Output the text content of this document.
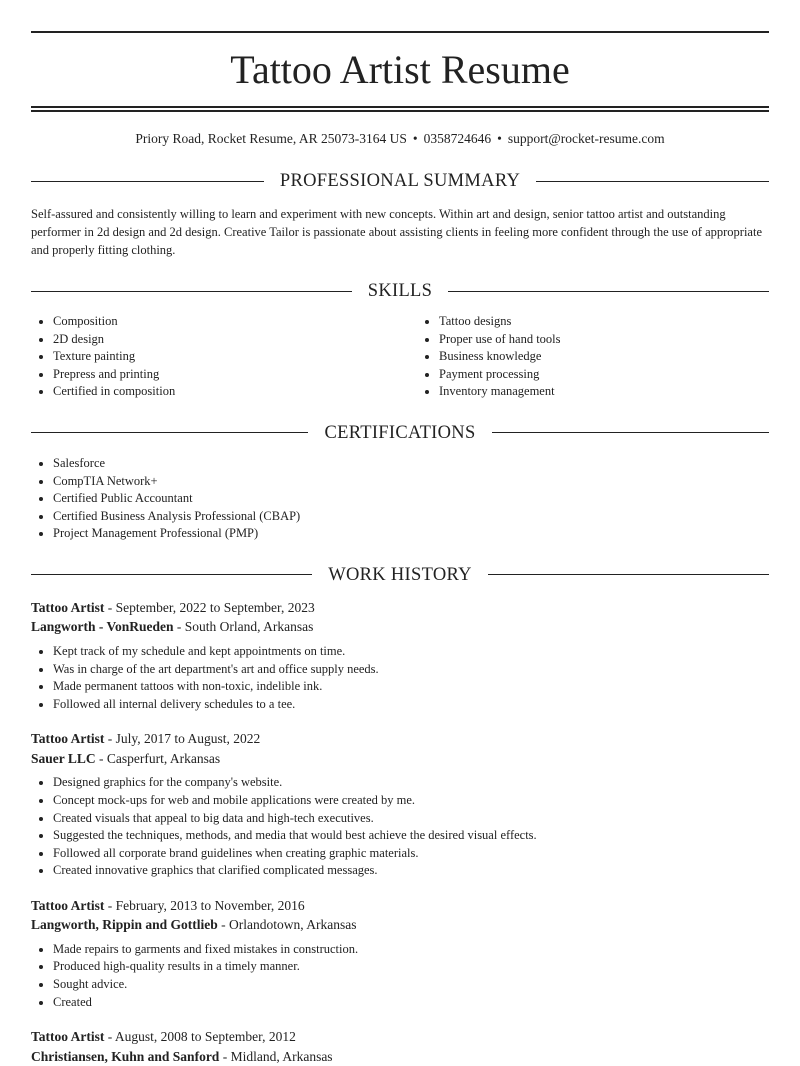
Tattoo Artist Resume
Priory Road, Rocket Resume, AR 25073-3164 US • 0358724646 • support@rocket-resume.com
PROFESSIONAL SUMMARY

Self-assured and consistently willing to learn and experiment with new concepts. Within art and design, senior tattoo artist and outstanding performer in 2d design and 2d design. Creative Tailor is passionate about assisting clients in feeling more confident through the use of appropriate and properly fitting clothing.

SKILLS
• Composition
• 2D design
• Texture painting
• Prepress and printing
• Certified in composition
• Tattoo designs
• Proper use of hand tools
• Business knowledge
• Payment processing
• Inventory management
CERTIFICATIONS
• Salesforce
• CompTIA Network+
• Certified Public Accountant
• Certified Business Analysis Professional (CBAP)
• Project Management Professional (PMP)
WORK HISTORY
Tattoo Artist - September, 2022 to September, 2023
Langworth - VonRueden - South Orland, Arkansas
• Kept track of my schedule and kept appointments on time.
• Was in charge of the art department's art and office supply needs.
• Made permanent tattoos with non-toxic, indelible ink.
• Followed all internal delivery schedules to a tee.
Tattoo Artist - July, 2017 to August, 2022
Sauer LLC - Casperfurt, Arkansas
• Designed graphics for the company's website.
• Concept mock-ups for web and mobile applications were created by me.
• Created visuals that appeal to big data and high-tech executives.
• Suggested the techniques, methods, and media that would best achieve the desired visual effects.
• Followed all corporate brand guidelines when creating graphic materials.
• Created innovative graphics that clarified complicated messages.
Tattoo Artist - February, 2013 to November, 2016
Langworth, Rippin and Gottlieb - Orlandotown, Arkansas
• Made repairs to garments and fixed mistakes in construction.
• Produced high-quality results in a timely manner.
• Sought advice.
• Created
Tattoo Artist - August, 2008 to September, 2012
Christiansen, Kuhn and Sanford - Midland, Arkansas
